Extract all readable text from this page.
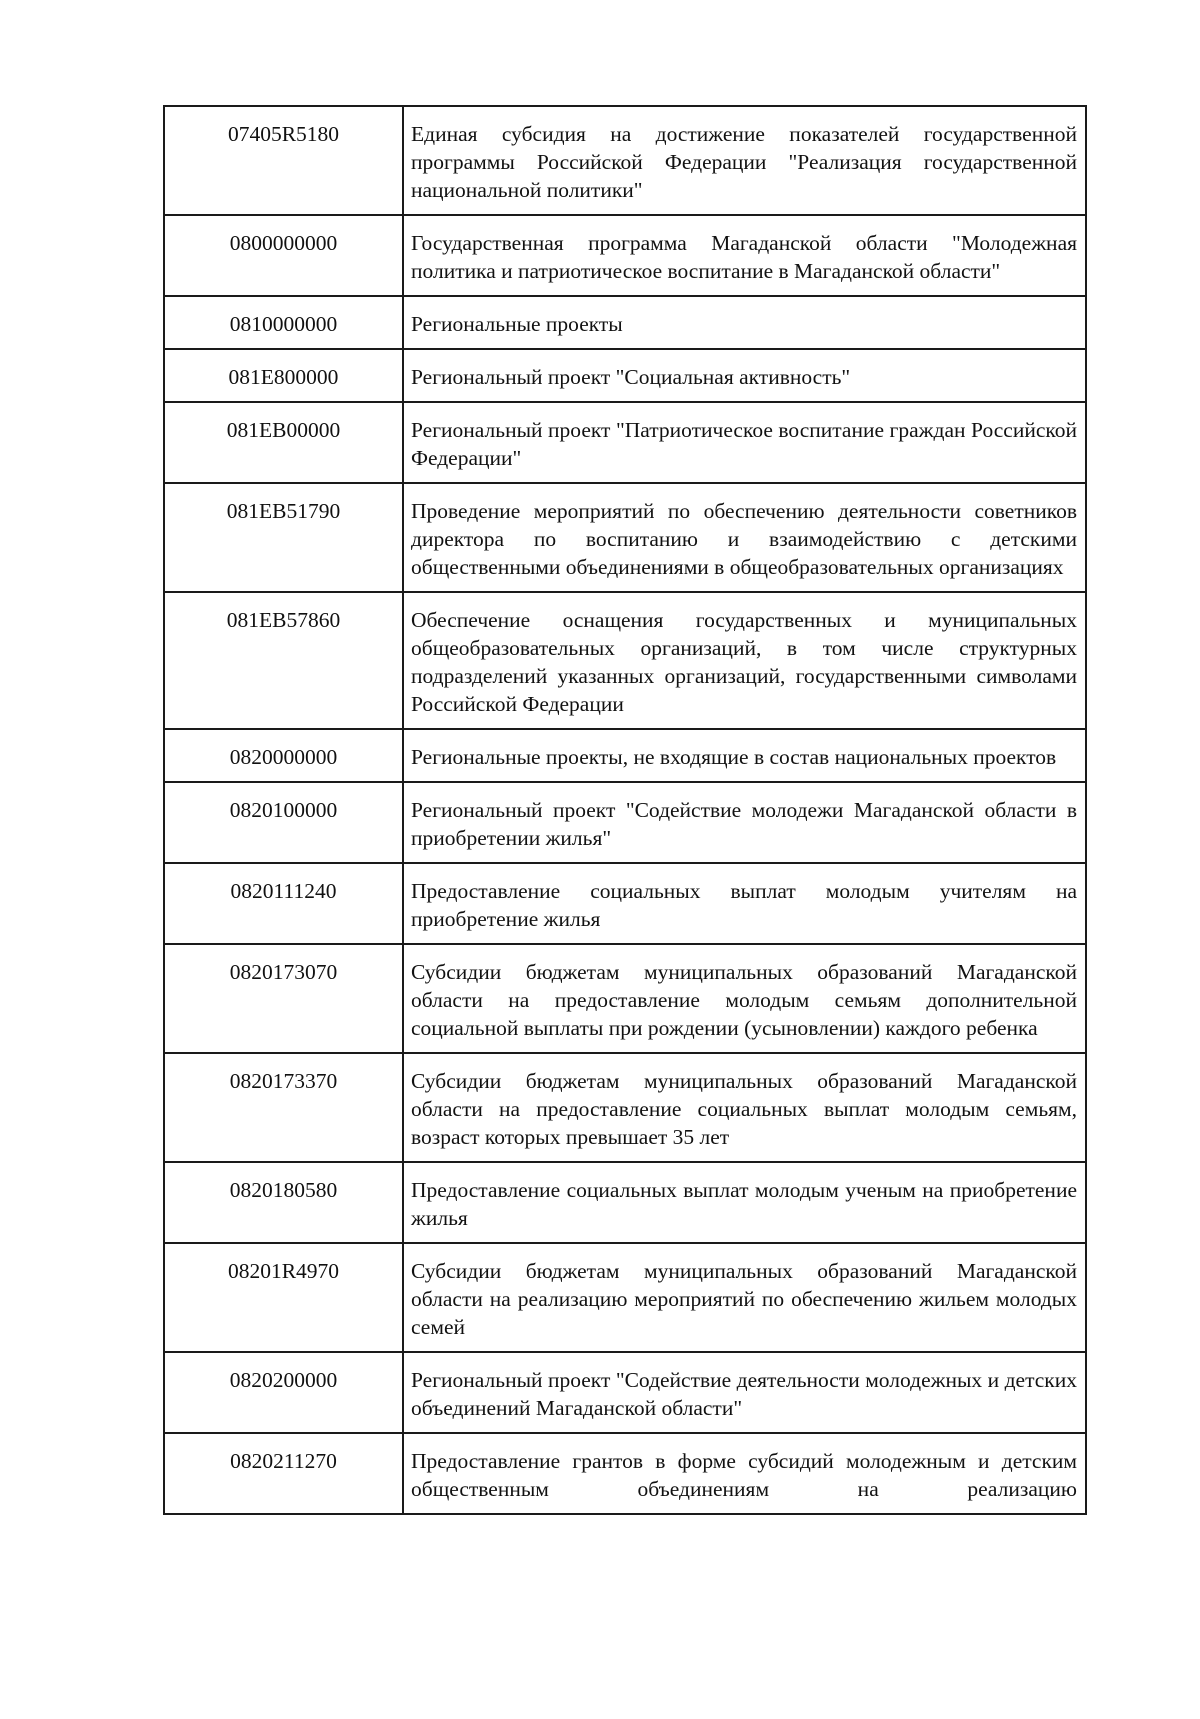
07405R5180	Единая субсидия на достижение показателей государственной программы Российской Федерации "Реализация государственной национальной политики"
0800000000	Государственная программа Магаданской области "Молодежная политика и патриотическое воспитание в Магаданской области"
0810000000	Региональные проекты
081E800000	Региональный проект "Социальная активность"
081EB00000	Региональный проект "Патриотическое воспитание граждан Российской Федерации"
081EB51790	Проведение мероприятий по обеспечению деятельности советников директора по воспитанию и взаимодействию с детскими общественными объединениями в общеобразовательных организациях
081EB57860	Обеспечение оснащения государственных и муниципальных общеобразовательных организаций, в том числе структурных подразделений указанных организаций, государственными символами Российской Федерации
0820000000	Региональные проекты, не входящие в состав национальных проектов
0820100000	Региональный проект "Содействие молодежи Магаданской области в приобретении жилья"
0820111240	Предоставление социальных выплат молодым учителям на приобретение жилья
0820173070	Субсидии бюджетам муниципальных образований Магаданской области на предоставление молодым семьям дополнительной социальной выплаты при рождении (усыновлении) каждого ребенка
0820173370	Субсидии бюджетам муниципальных образований Магаданской области на предоставление социальных выплат молодым семьям, возраст которых превышает 35 лет
0820180580	Предоставление социальных выплат молодым ученым на приобретение жилья
08201R4970	Субсидии бюджетам муниципальных образований Магаданской области на реализацию мероприятий по обеспечению жильем молодых семей
0820200000	Региональный проект "Содействие деятельности молодежных и детских объединений Магаданской области"
0820211270	Предоставление грантов в форме субсидий молодежным и детским общественным объединениям на реализацию
